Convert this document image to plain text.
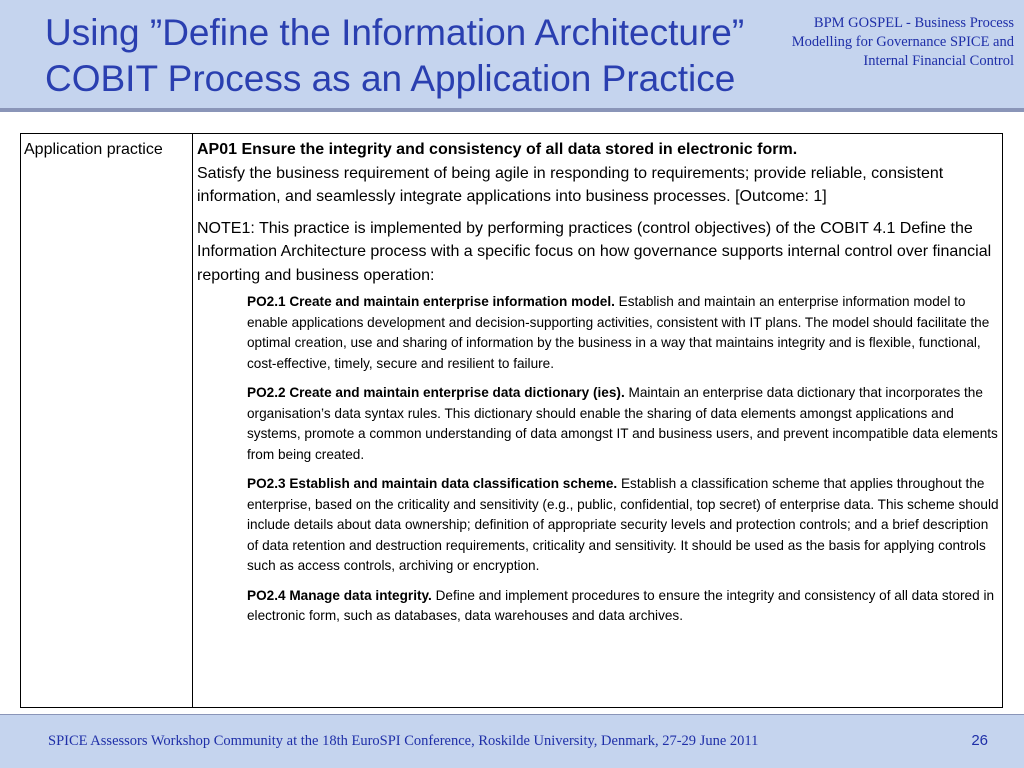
Using ”Define the Information Architecture”
COBIT Process as an Application Practice
BPM GOSPEL - Business Process Modelling for Governance SPICE and Internal Financial Control
Application practice	AP01 Ensure the integrity and consistency of all data stored in electronic form.

Satisfy the business requirement of being agile in responding to requirements; provide reliable, consistent information, and seamlessly integrate applications into business processes. [Outcome: 1]

NOTE1: This practice is implemented by performing practices (control objectives) of the COBIT 4.1 Define the Information Architecture process with a specific focus on how governance supports internal control over financial reporting and business operation:

PO2.1 Create and maintain enterprise information model. Establish and maintain an enterprise information model to enable applications development and decision-supporting activities, consistent with IT plans. The model should facilitate the optimal creation, use and sharing of information by the business in a way that maintains integrity and is flexible, functional, cost-effective, timely, secure and resilient to failure.

PO2.2 Create and maintain enterprise data dictionary (ies). Maintain an enterprise data dictionary that incorporates the organisation’s data syntax rules. This dictionary should enable the sharing of data elements amongst applications and systems, promote a common understanding of data amongst IT and business users, and prevent incompatible data elements from being created.

PO2.3 Establish and maintain data classification scheme. Establish a classification scheme that applies throughout the enterprise, based on the criticality and sensitivity (e.g., public, confidential, top secret) of enterprise data. This scheme should include details about data ownership; definition of appropriate security levels and protection controls; and a brief description of data retention and destruction requirements, criticality and sensitivity. It should be used as the basis for applying controls such as access controls, archiving or encryption.

PO2.4 Manage data integrity. Define and implement procedures to ensure the integrity and consistency of all data stored in electronic form, such as databases, data warehouses and data archives.

SPICE Assessors Workshop Community at the 18th EuroSPI Conference, Roskilde University, Denmark, 27-29 June 2011	26
